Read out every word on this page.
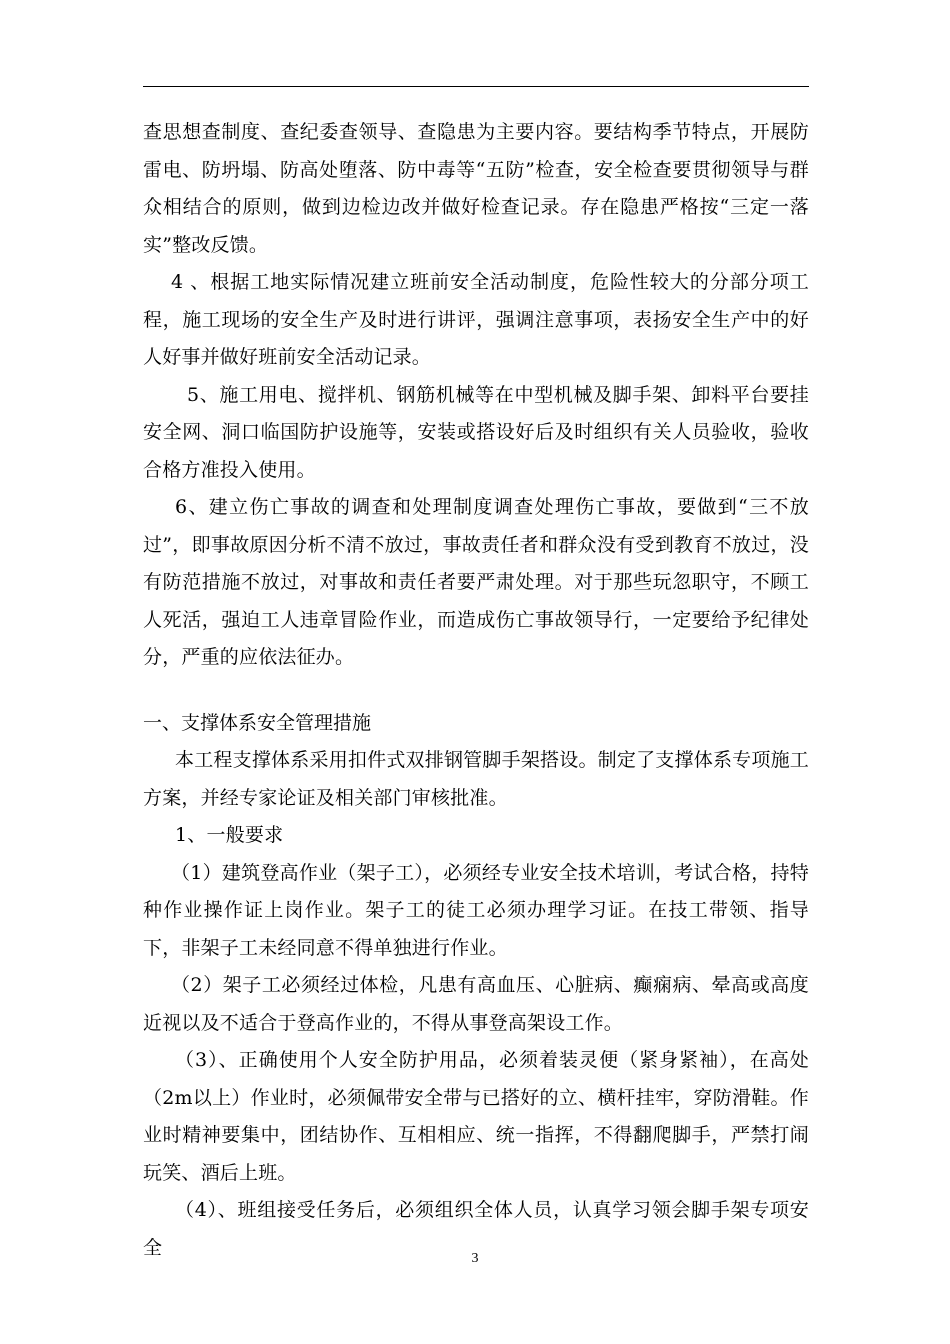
查思想查制度、查纪委查领导、查隐患为主要内容。要结构季节特点，开展防雷电、防坍塌、防高处堕落、防中毒等“五防”检查，安全检查要贯彻领导与群众相结合的原则，做到边检边改并做好检查记录。存在隐患严格按“三定一落实”整改反馈。

4 、根据工地实际情况建立班前安全活动制度，危险性较大的分部分项工程，施工现场的安全生产及时进行讲评，强调注意事项，表扬安全生产中的好人好事并做好班前安全活动记录。

5、施工用电、搅拌机、钢筋机械等在中型机械及脚手架、卸料平台要挂安全网、洞口临国防护设施等，安装或搭设好后及时组织有关人员验收，验收合格方准投入使用。

6、建立伤亡事故的调查和处理制度调查处理伤亡事故，要做到“三不放过”，即事故原因分析不清不放过，事故责任者和群众没有受到教育不放过，没有防范措施不放过，对事故和责任者要严肃处理。对于那些玩忽职守，不顾工人死活，强迫工人违章冒险作业，而造成伤亡事故领导行，一定要给予纪律处分，严重的应依法征办。

一、支撑体系安全管理措施

本工程支撑体系采用扣件式双排钢管脚手架搭设。制定了支撑体系专项施工方案，并经专家论证及相关部门审核批准。

1、一般要求

（1）建筑登高作业（架子工），必须经专业安全技术培训，考试合格，持特种作业操作证上岗作业。架子工的徒工必须办理学习证。在技工带领、指导下，非架子工未经同意不得单独进行作业。

（2）架子工必须经过体检，凡患有高血压、心脏病、癫痫病、晕高或高度近视以及不适合于登高作业的，不得从事登高架设工作。

（3）、正确使用个人安全防护用品，必须着装灵便（紧身紧袖），在高处（2m以上）作业时，必须佩带安全带与已搭好的立、横杆挂牢，穿防滑鞋。作业时精神要集中，团结协作、互相相应、统一指挥，不得翻爬脚手，严禁打闹玩笑、酒后上班。

（4）、班组接受任务后，必须组织全体人员，认真学习领会脚手架专项安全	3
